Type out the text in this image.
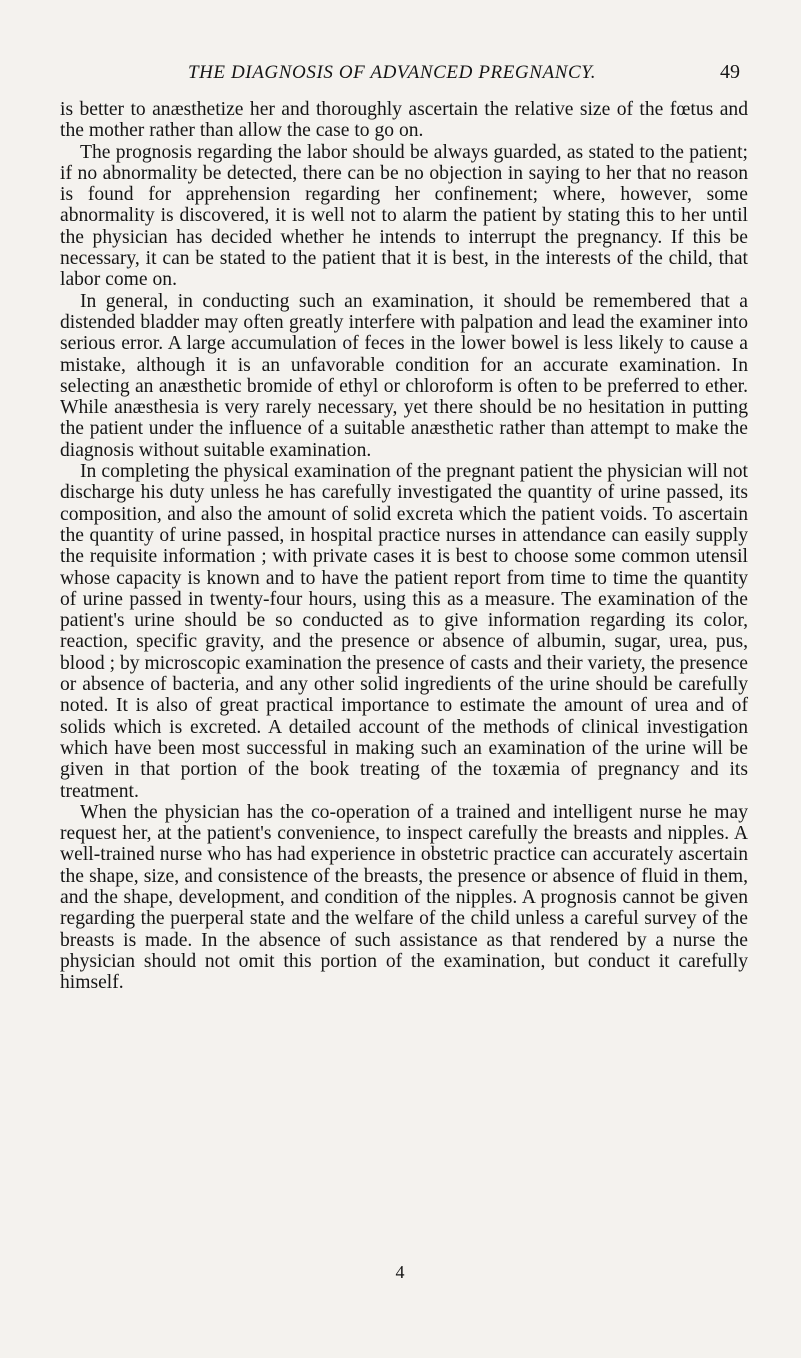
THE DIAGNOSIS OF ADVANCED PREGNANCY.	49

is better to anæsthetize her and thoroughly ascertain the relative size of the fœtus and the mother rather than allow the case to go on.

The prognosis regarding the labor should be always guarded, as stated to the patient; if no abnormality be detected, there can be no objection in saying to her that no reason is found for apprehension regarding her confinement; where, however, some abnormality is discovered, it is well not to alarm the patient by stating this to her until the physician has decided whether he intends to interrupt the pregnancy. If this be necessary, it can be stated to the patient that it is best, in the interests of the child, that labor come on.

In general, in conducting such an examination, it should be remembered that a distended bladder may often greatly interfere with palpation and lead the examiner into serious error. A large accumulation of feces in the lower bowel is less likely to cause a mistake, although it is an unfavorable condition for an accurate examination. In selecting an anæsthetic bromide of ethyl or chloroform is often to be preferred to ether. While anæsthesia is very rarely necessary, yet there should be no hesitation in putting the patient under the influence of a suitable anæsthetic rather than attempt to make the diagnosis without suitable examination.

In completing the physical examination of the pregnant patient the physician will not discharge his duty unless he has carefully investigated the quantity of urine passed, its composition, and also the amount of solid excreta which the patient voids. To ascertain the quantity of urine passed, in hospital practice nurses in attendance can easily supply the requisite information ; with private cases it is best to choose some common utensil whose capacity is known and to have the patient report from time to time the quantity of urine passed in twenty-four hours, using this as a measure. The examination of the patient's urine should be so conducted as to give information regarding its color, reaction, specific gravity, and the presence or absence of albumin, sugar, urea, pus, blood ; by microscopic examination the presence of casts and their variety, the presence or absence of bacteria, and any other solid ingredients of the urine should be carefully noted. It is also of great practical importance to estimate the amount of urea and of solids which is excreted. A detailed account of the methods of clinical investigation which have been most successful in making such an examination of the urine will be given in that portion of the book treating of the toxæmia of pregnancy and its treatment.

When the physician has the co-operation of a trained and intelligent nurse he may request her, at the patient's convenience, to inspect carefully the breasts and nipples. A well-trained nurse who has had experience in obstetric practice can accurately ascertain the shape, size, and consistence of the breasts, the presence or absence of fluid in them, and the shape, development, and condition of the nipples. A prognosis cannot be given regarding the puerperal state and the welfare of the child unless a careful survey of the breasts is made. In the absence of such assistance as that rendered by a nurse the physician should not omit this portion of the examination, but conduct it carefully himself.

4
